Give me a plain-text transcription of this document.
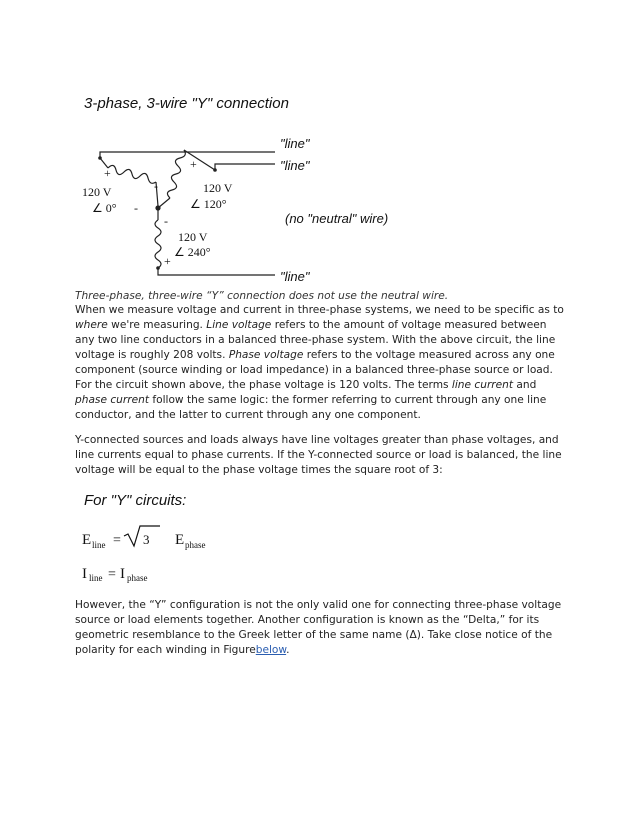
3-phase, 3-wire "Y" connection
+
120 V
∠ 0° -
+
-	120 V
∠ 120°
-
120 V
∠ 240°
+
"line"
"line"
(no "neutral" wire)
"line"
Three-phase, three-wire “Y” connection does not use the neutral wire.
When we measure voltage and current in three-phase systems, we need to be specific as to where we're measuring. Line voltage refers to the amount of voltage measured between any two line conductors in a balanced three-phase system. With the above circuit, the line voltage is roughly 208 volts. Phase voltage refers to the voltage measured across any one component (source winding or load impedance) in a balanced three-phase source or load. For the circuit shown above, the phase voltage is 120 volts. The terms line current and phase current follow the same logic: the former referring to current through any one line conductor, and the latter to current through any one component.
Y-connected sources and loads always have line voltages greater than phase voltages, and line currents equal to phase currents. If the Y-connected source or load is balanced, the line voltage will be equal to the phase voltage times the square root of 3:
For "Y" circuits:
E line = 3 E phase
I line = I phase
However, the “Y” configuration is not the only valid one for connecting three-phase voltage source or load elements together. Another configuration is known as the “Delta,” for its geometric resemblance to the Greek letter of the same name (Δ). Take close notice of the polarity for each winding in Figurebelow.
